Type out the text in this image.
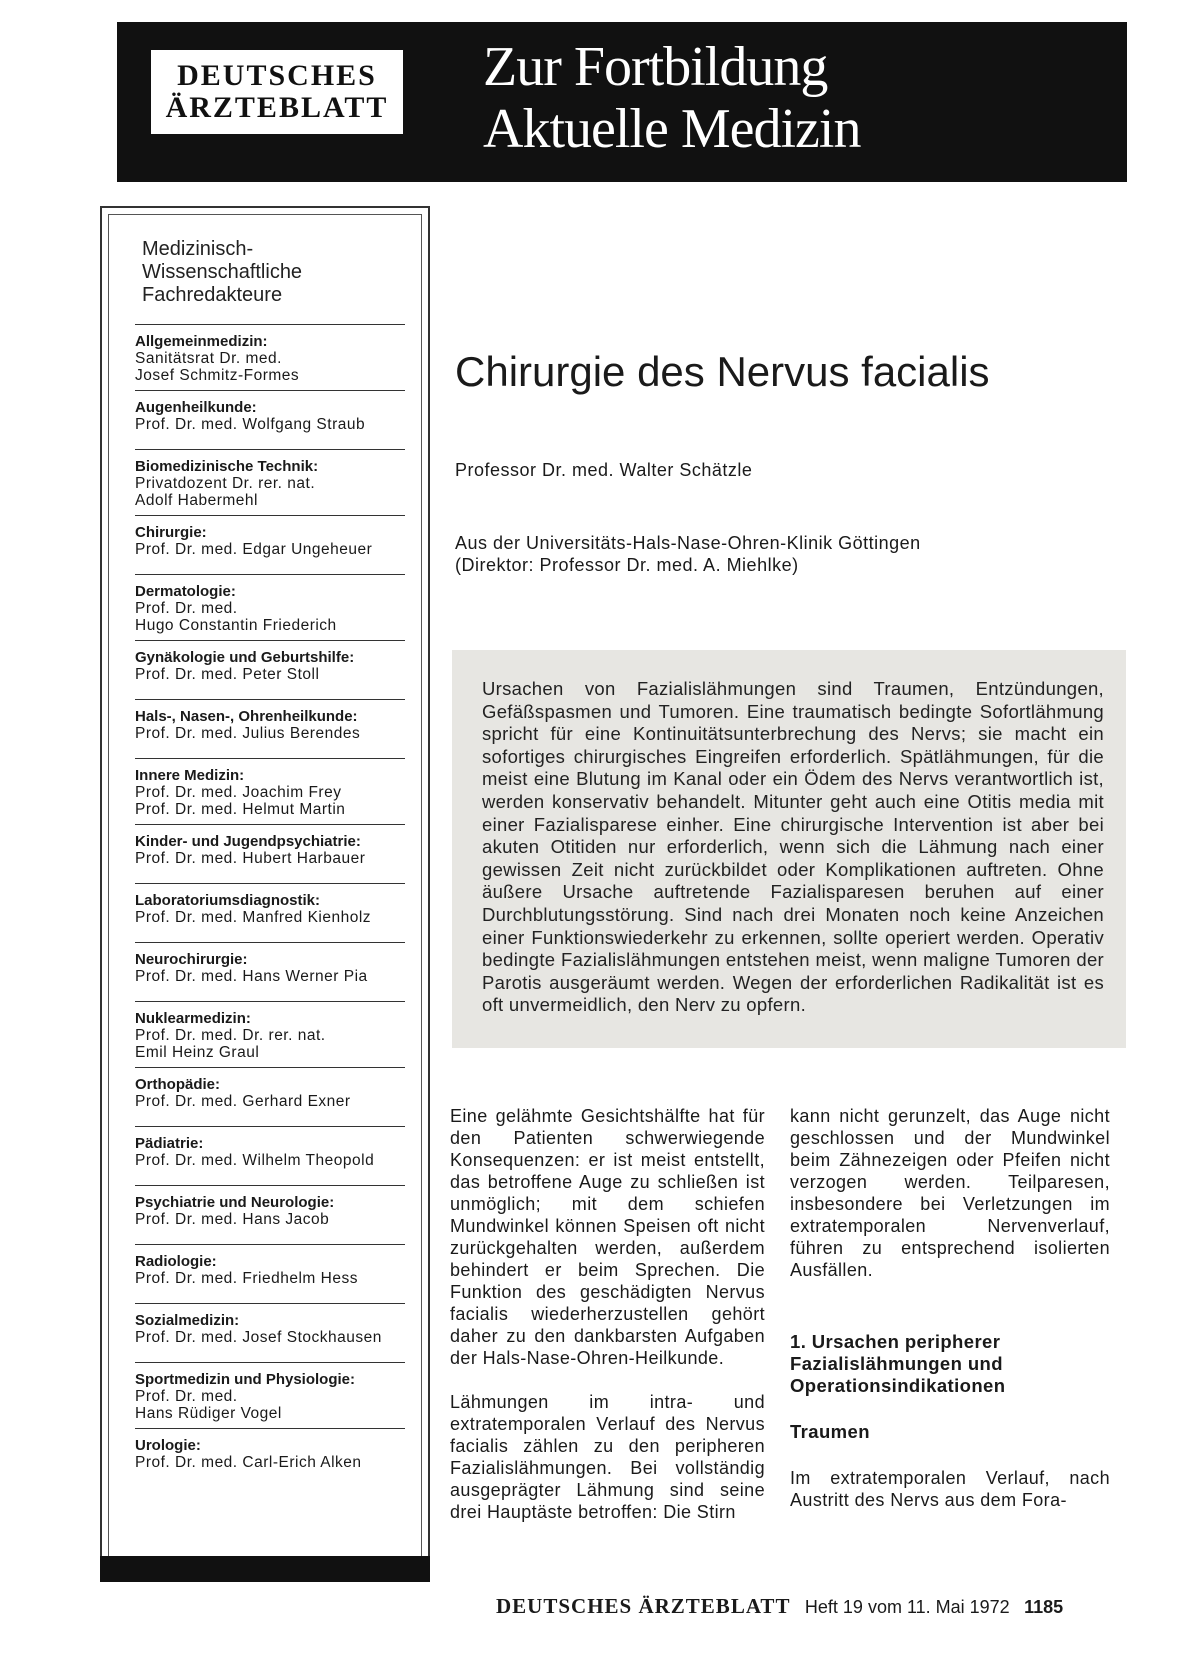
DEUTSCHES
ÄRZTEBLATT
Zur Fortbildung
Aktuelle Medizin
Medizinisch-
Wissenschaftliche
Fachredakteure
Allgemeinmedizin:
Sanitätsrat Dr. med.
Josef Schmitz-Formes
Augenheilkunde:
Prof. Dr. med. Wolfgang Straub
Biomedizinische Technik:
Privatdozent Dr. rer. nat.
Adolf Habermehl
Chirurgie:
Prof. Dr. med. Edgar Ungeheuer
Dermatologie:
Prof. Dr. med.
Hugo Constantin Friederich
Gynäkologie und Geburtshilfe:
Prof. Dr. med. Peter Stoll
Hals-, Nasen-, Ohrenheilkunde:
Prof. Dr. med. Julius Berendes
Innere Medizin:
Prof. Dr. med. Joachim Frey
Prof. Dr. med. Helmut Martin
Kinder- und Jugendpsychiatrie:
Prof. Dr. med. Hubert Harbauer
Laboratoriumsdiagnostik:
Prof. Dr. med. Manfred Kienholz
Neurochirurgie:
Prof. Dr. med. Hans Werner Pia
Nuklearmedizin:
Prof. Dr. med. Dr. rer. nat.
Emil Heinz Graul
Orthopädie:
Prof. Dr. med. Gerhard Exner
Pädiatrie:
Prof. Dr. med. Wilhelm Theopold
Psychiatrie und Neurologie:
Prof. Dr. med. Hans Jacob
Radiologie:
Prof. Dr. med. Friedhelm Hess
Sozialmedizin:
Prof. Dr. med. Josef Stockhausen
Sportmedizin und Physiologie:
Prof. Dr. med.
Hans Rüdiger Vogel
Urologie:
Prof. Dr. med. Carl-Erich Alken
Chirurgie des Nervus facialis
Professor Dr. med. Walter Schätzle
Aus der Universitäts-Hals-Nase-Ohren-Klinik Göttingen
(Direktor: Professor Dr. med. A. Miehlke)
Ursachen von Fazialislähmungen sind Traumen, Entzündungen, Gefäßspasmen und Tumoren. Eine traumatisch bedingte Sofortlähmung spricht für eine Kontinuitätsunterbrechung des Nervs; sie macht ein sofortiges chirurgisches Eingreifen erforderlich. Spätlähmungen, für die meist eine Blutung im Kanal oder ein Ödem des Nervs verantwortlich ist, werden konservativ behandelt. Mitunter geht auch eine Otitis media mit einer Fazialisparese einher. Eine chirurgische Intervention ist aber bei akuten Otitiden nur erforderlich, wenn sich die Lähmung nach einer gewissen Zeit nicht zurückbildet oder Komplikationen auftreten. Ohne äußere Ursache auftretende Fazialisparesen beruhen auf einer Durchblutungsstörung. Sind nach drei Monaten noch keine Anzeichen einer Funktionswiederkehr zu erkennen, sollte operiert werden. Operativ bedingte Fazialislähmungen entstehen meist, wenn maligne Tumoren der Parotis ausgeräumt werden. Wegen der erforderlichen Radikalität ist es oft unvermeidlich, den Nerv zu opfern.

Eine gelähmte Gesichtshälfte hat für den Patienten schwerwiegende Konsequenzen: er ist meist entstellt, das betroffene Auge zu schließen ist unmöglich; mit dem schiefen Mundwinkel können Speisen oft nicht zurückgehalten werden, außerdem behindert er beim Sprechen. Die Funktion des geschädigten Nervus facialis wiederherzustellen gehört daher zu den dankbarsten Aufgaben der Hals-Nase-Ohren-Heilkunde.

Lähmungen im intra- und extratemporalen Verlauf des Nervus facialis zählen zu den peripheren Fazialislähmungen. Bei vollständig ausgeprägter Lähmung sind seine drei Hauptäste betroffen: Die Stirn

kann nicht gerunzelt, das Auge nicht geschlossen und der Mundwinkel beim Zähnezeigen oder Pfeifen nicht verzogen werden. Teilparesen, insbesondere bei Verletzungen im extratemporalen Nervenverlauf, führen zu entsprechend isolierten Ausfällen.

1. Ursachen peripherer Fazialislähmungen und Operationsindikationen
Traumen

Im extratemporalen Verlauf, nach Austritt des Nervs aus dem Fora-

DEUTSCHES ÄRZTEBLATT Heft 19 vom 11. Mai 1972 1185
